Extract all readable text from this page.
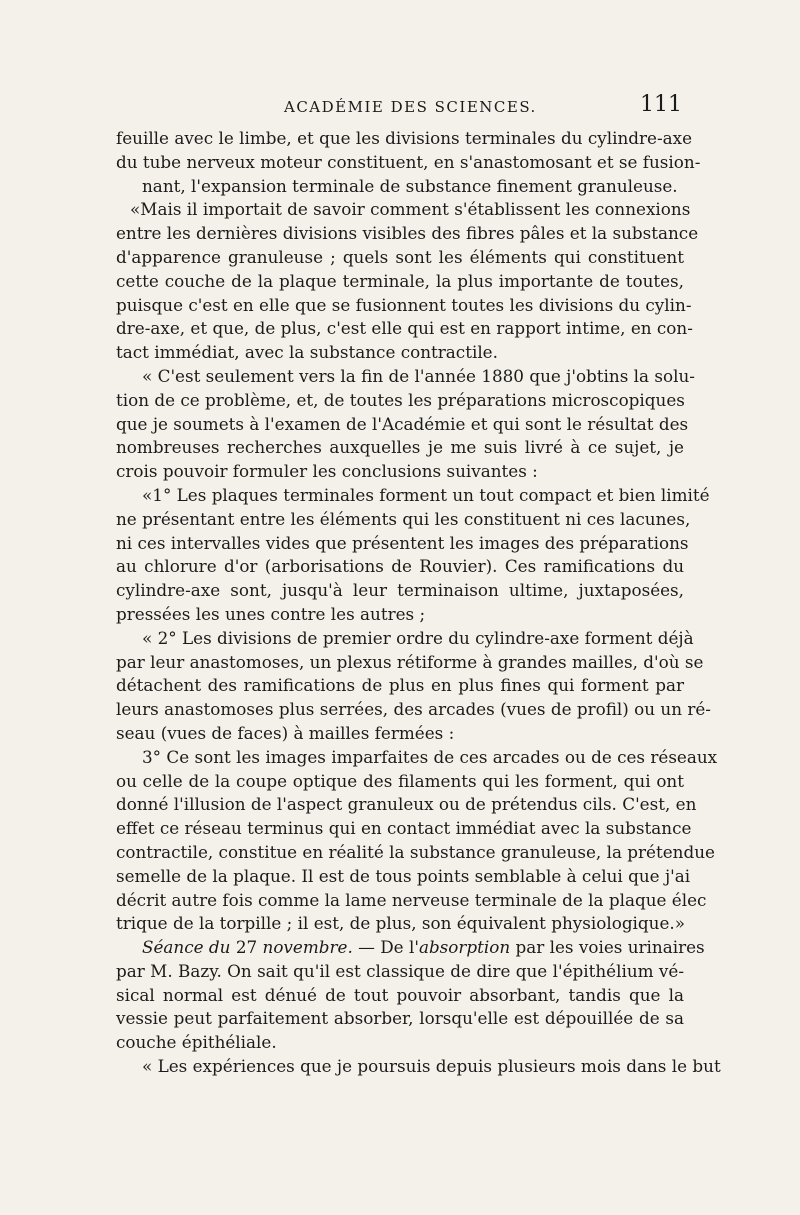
ACADÉMIE DES SCIENCES.	111

feuille avec le limbe, et que les divisions terminales du cylindre-axe
du tube nerveux moteur constituent, en s'anastomosant et se fusion-
nant, l'expansion terminale de substance finement granuleuse.

«Mais il importait de savoir comment s'établissent les connexions
entre les dernières divisions visibles des fibres pâles et la substance
d'apparence granuleuse ; quels sont les éléments qui constituent
cette couche de la plaque terminale, la plus importante de toutes,
puisque c'est en elle que se fusionnent toutes les divisions du cylin-
dre-axe, et que, de plus, c'est elle qui est en rapport intime, en con-
tact immédiat, avec la substance contractile.

« C'est seulement vers la fin de l'année 1880 que j'obtins la solu-
tion de ce problème, et, de toutes les préparations microscopiques
que je soumets à l'examen de l'Académie et qui sont le résultat des
nombreuses recherches auxquelles je me suis livré à ce sujet, je
crois pouvoir formuler les conclusions suivantes :

«1° Les plaques terminales forment un tout compact et bien limité
ne présentant entre les éléments qui les constituent ni ces lacunes,
ni ces intervalles vides que présentent les images des préparations
au chlorure d'or (arborisations de Rouvier). Ces ramifications du
cylindre-axe sont, jusqu'à leur terminaison ultime, juxtaposées,
pressées les unes contre les autres ;

« 2° Les divisions de premier ordre du cylindre-axe forment déjà
par leur anastomoses, un plexus rétiforme à grandes mailles, d'où se
détachent des ramifications de plus en plus fines qui forment par
leurs anastomoses plus serrées, des arcades (vues de profil) ou un ré-
seau (vues de faces) à mailles fermées :

3° Ce sont les images imparfaites de ces arcades ou de ces réseaux
ou celle de la coupe optique des filaments qui les forment, qui ont
donné l'illusion de l'aspect granuleux ou de prétendus cils. C'est, en
effet ce réseau terminus qui en contact immédiat avec la substance
contractile, constitue en réalité la substance granuleuse, la prétendue
semelle de la plaque. Il est de tous points semblable à celui que j'ai
décrit autre fois comme la lame nerveuse terminale de la plaque élec
trique de la torpille ; il est, de plus, son équivalent physiologique.»

Séance du 27 novembre. — De l'absorption par les voies urinaires
par M. Bazy. On sait qu'il est classique de dire que l'épithélium vé-
sical normal est dénué de tout pouvoir absorbant, tandis que la
vessie peut parfaitement absorber, lorsqu'elle est dépouillée de sa
couche épithéliale.

« Les expériences que je poursuis depuis plusieurs mois dans le but
